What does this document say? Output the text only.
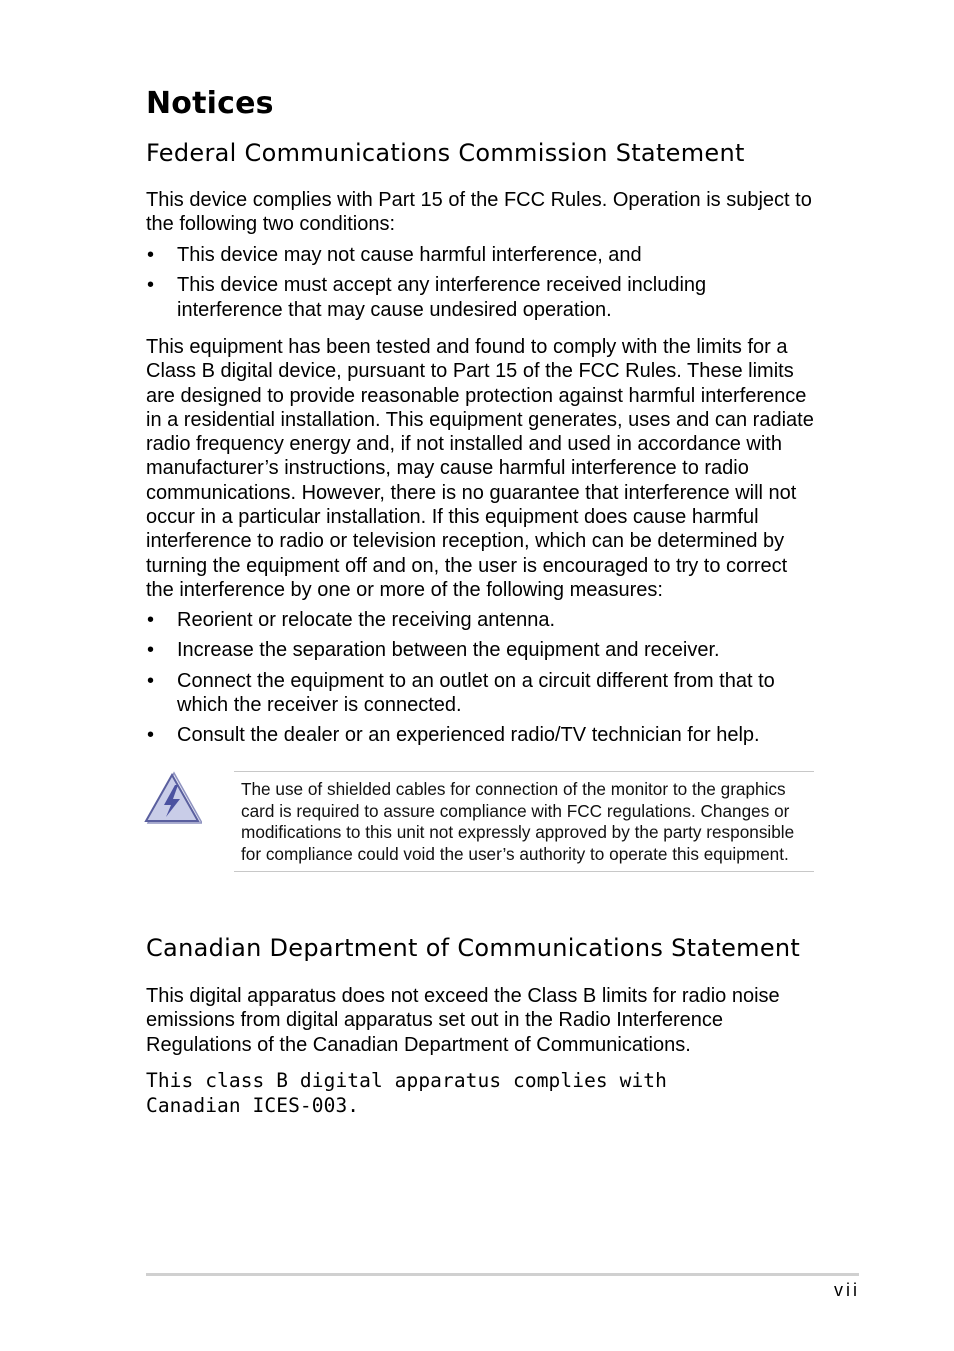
Notices
Federal Communications Commission Statement

This device complies with Part 15 of the FCC Rules. Operation is subject to the following two conditions:

• This device may not cause harmful interference, and
• This device must accept any interference received including interference that may cause undesired operation.

This equipment has been tested and found to comply with the limits for a Class B digital device, pursuant to Part 15 of the FCC Rules. These limits are designed to provide reasonable protection against harmful interference in a residential installation. This equipment generates, uses and can radiate radio frequency energy and, if not installed and used in accordance with manufacturer’s instructions, may cause harmful interference to radio communications. However, there is no guarantee that interference will not occur in a particular installation. If this equipment does cause harmful interference to radio or television reception, which can be determined by turning the equipment off and on, the user is encouraged to try to correct the interference by one or more of the following measures:

• Reorient or relocate the receiving antenna.
• Increase the separation between the equipment and receiver.
• Connect the equipment to an outlet on a circuit different from that to which the receiver is connected.
• Consult the dealer or an experienced radio/TV technician for help.

The use of shielded cables for connection of the monitor to the graphics card is required to assure compliance with FCC regulations. Changes or modifications to this unit not expressly approved by the party responsible for compliance could void the user’s authority to operate this equipment.

Canadian Department of Communications Statement

This digital apparatus does not exceed the Class B limits for radio noise emissions from digital apparatus set out in the Radio Interference Regulations of the Canadian Department of Communications.

This class B digital apparatus complies with Canadian ICES-003.

vii
